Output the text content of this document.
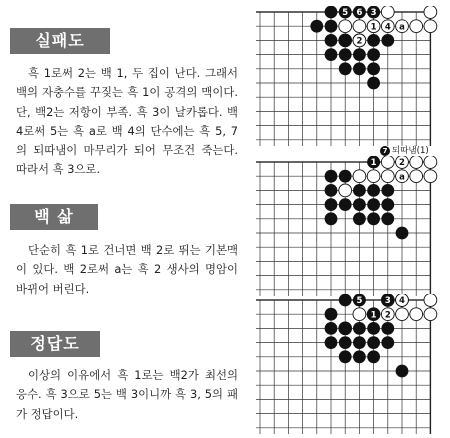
실패도

흑 1로써 2는 백 1, 두 집이 난다. 그래서 백의 자충수를 꾸짖는 흑 1이 공격의 맥이다. 단, 백2는 저항이 부족. 흑 3이 날카롭다. 백 4로써 5는 흑 a로 백 4의 단수에는 흑 5, 7의 되따냄이 마무리가 되어 무조건 죽는다. 따라서 흑 3으로.

백 삶

단순히 흑 1로 건너면 백 2로 뛰는 기본맥이 있다. 백 2로써 a는 흑 2 생사의 명암이 바뀌어 버린다.

정답도

이상의 이유에서 흑 1로는 백2가 최선의 응수. 흑 3으로 5는 백 3이니까 흑 3, 5의 패가 정답이다.

5 6 3
1 4 a
2
7 되따냄(1)
1	2
a
5	3 4
1 2
